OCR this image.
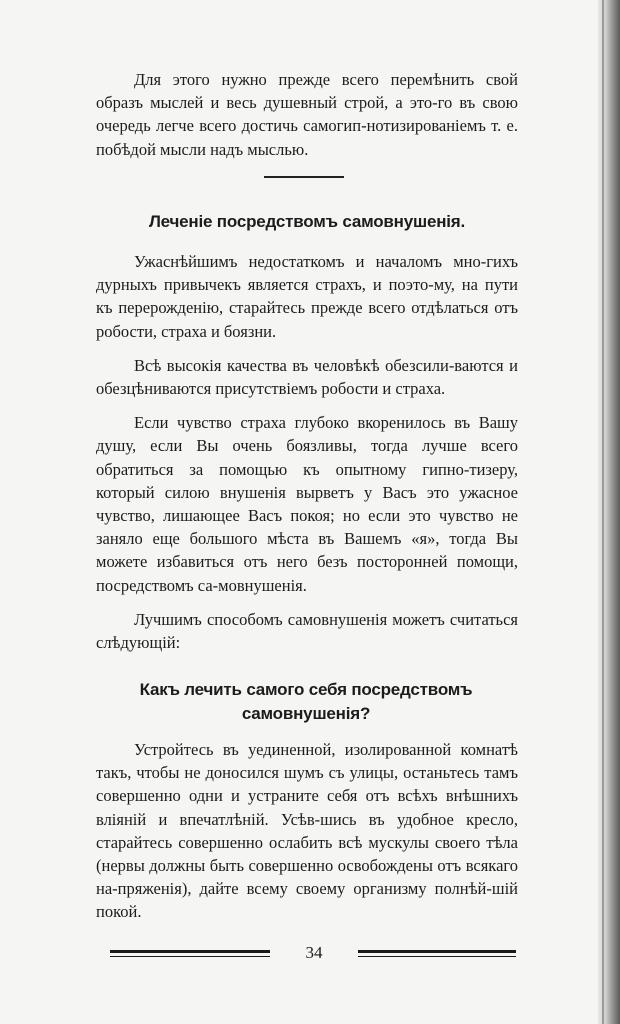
Для этого нужно прежде всего перемѣнить свой образъ мыслей и весь душевный строй, а это-го въ свою очередь легче всего достичь самогип-нотизированiемъ т. е. побѣдой мысли надъ мыслью.

Леченiе посредствомъ самовнушенiя.

Ужаснѣйшимъ недостаткомъ и началомъ мно-гихъ дурныхъ привычекъ является страхъ, и поэто-му, на пути къ перерожденiю, старайтесь прежде всего отдѣлаться отъ робости, страха и боязни.

Всѣ высокiя качества въ человѣкѣ обезсили-ваются и обезцѣниваются присутствiемъ робости и страха.

Если чувство страха глубоко вкоренилось въ Вашу душу, если Вы очень боязливы, тогда лучше всего обратиться за помощью къ опытному гипно-тизеру, который силою внушенiя вырветъ у Васъ это ужасное чувство, лишающее Васъ покоя; но если это чувство не заняло еще большого мѣста въ Вашемъ «я», тогда Вы можете избавиться отъ него безъ посторонней помощи, посредствомъ са-мовнушенiя.

Лучшимъ способомъ самовнушенiя можетъ считаться слѣдующiй:

Какъ лечить самого себя посредствомъ самовнушенiя?

Устройтесь въ уединенной, изолированной комнатѣ такъ, чтобы не доносился шумъ съ улицы, останьтесь тамъ совершенно одни и устраните себя отъ всѣхъ внѣшнихъ влiянiй и впечатлѣнiй. Усѣв-шись въ удобное кресло, старайтесь совершенно ослабить всѣ мускулы своего тѣла (нервы должны быть совершенно освобождены отъ всякаго на-пряженiя), дайте всему своему организму полнѣй-шiй покой.

34
